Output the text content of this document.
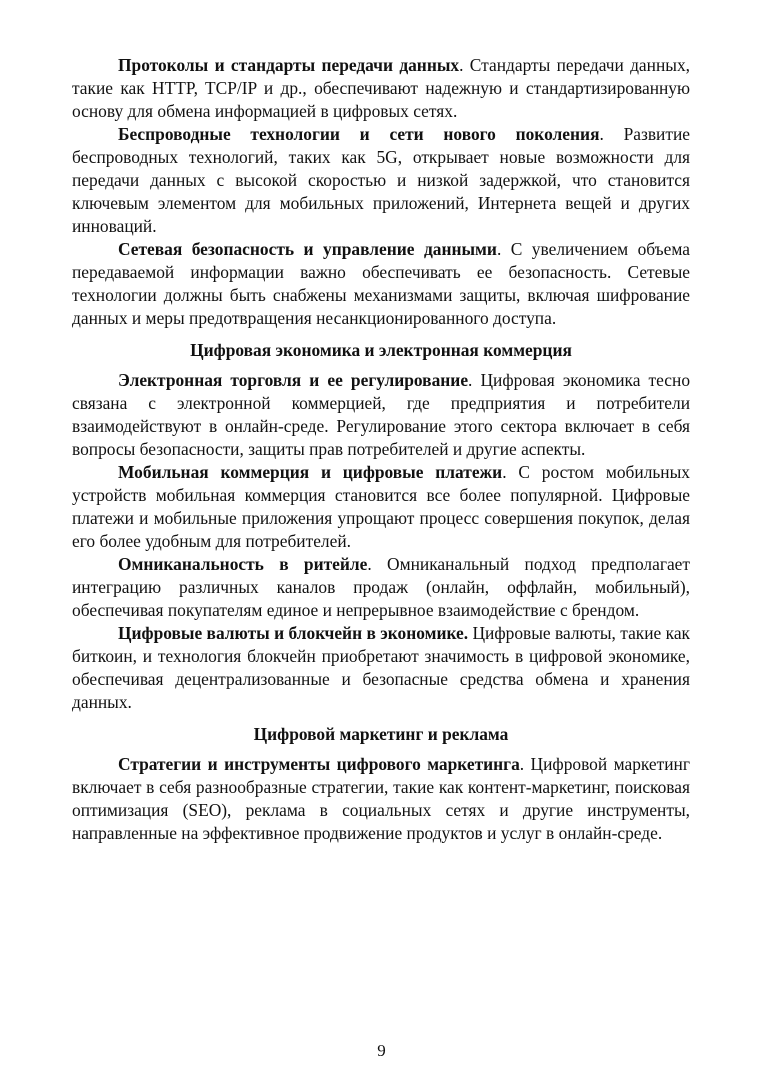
Протоколы и стандарты передачи данных. Стандарты передачи данных, такие как HTTP, TCP/IP и др., обеспечивают надежную и стандартизированную основу для обмена информацией в цифровых сетях.

Беспроводные технологии и сети нового поколения. Развитие беспроводных технологий, таких как 5G, открывает новые возможности для передачи данных с высокой скоростью и низкой задержкой, что становится ключевым элементом для мобильных приложений, Интернета вещей и других инноваций.

Сетевая безопасность и управление данными. С увеличением объема передаваемой информации важно обеспечивать ее безопасность. Сетевые технологии должны быть снабжены механизмами защиты, включая шифрование данных и меры предотвращения несанкционированного доступа.

Цифровая экономика и электронная коммерция

Электронная торговля и ее регулирование. Цифровая экономика тесно связана с электронной коммерцией, где предприятия и потребители взаимодействуют в онлайн-среде. Регулирование этого сектора включает в себя вопросы безопасности, защиты прав потребителей и другие аспекты.

Мобильная коммерция и цифровые платежи. С ростом мобильных устройств мобильная коммерция становится все более популярной. Цифровые платежи и мобильные приложения упрощают процесс совершения покупок, делая его более удобным для потребителей.

Омниканальность в ритейле. Омниканальный подход предполагает интеграцию различных каналов продаж (онлайн, оффлайн, мобильный), обеспечивая покупателям единое и непрерывное взаимодействие с брендом.

Цифровые валюты и блокчейн в экономике. Цифровые валюты, такие как биткоин, и технология блокчейн приобретают значимость в цифровой экономике, обеспечивая децентрализованные и безопасные средства обмена и хранения данных.

Цифровой маркетинг и реклама

Стратегии и инструменты цифрового маркетинга. Цифровой маркетинг включает в себя разнообразные стратегии, такие как контент-маркетинг, поисковая оптимизация (SEO), реклама в социальных сетях и другие инструменты, направленные на эффективное продвижение продуктов и услуг в онлайн-среде.

9
